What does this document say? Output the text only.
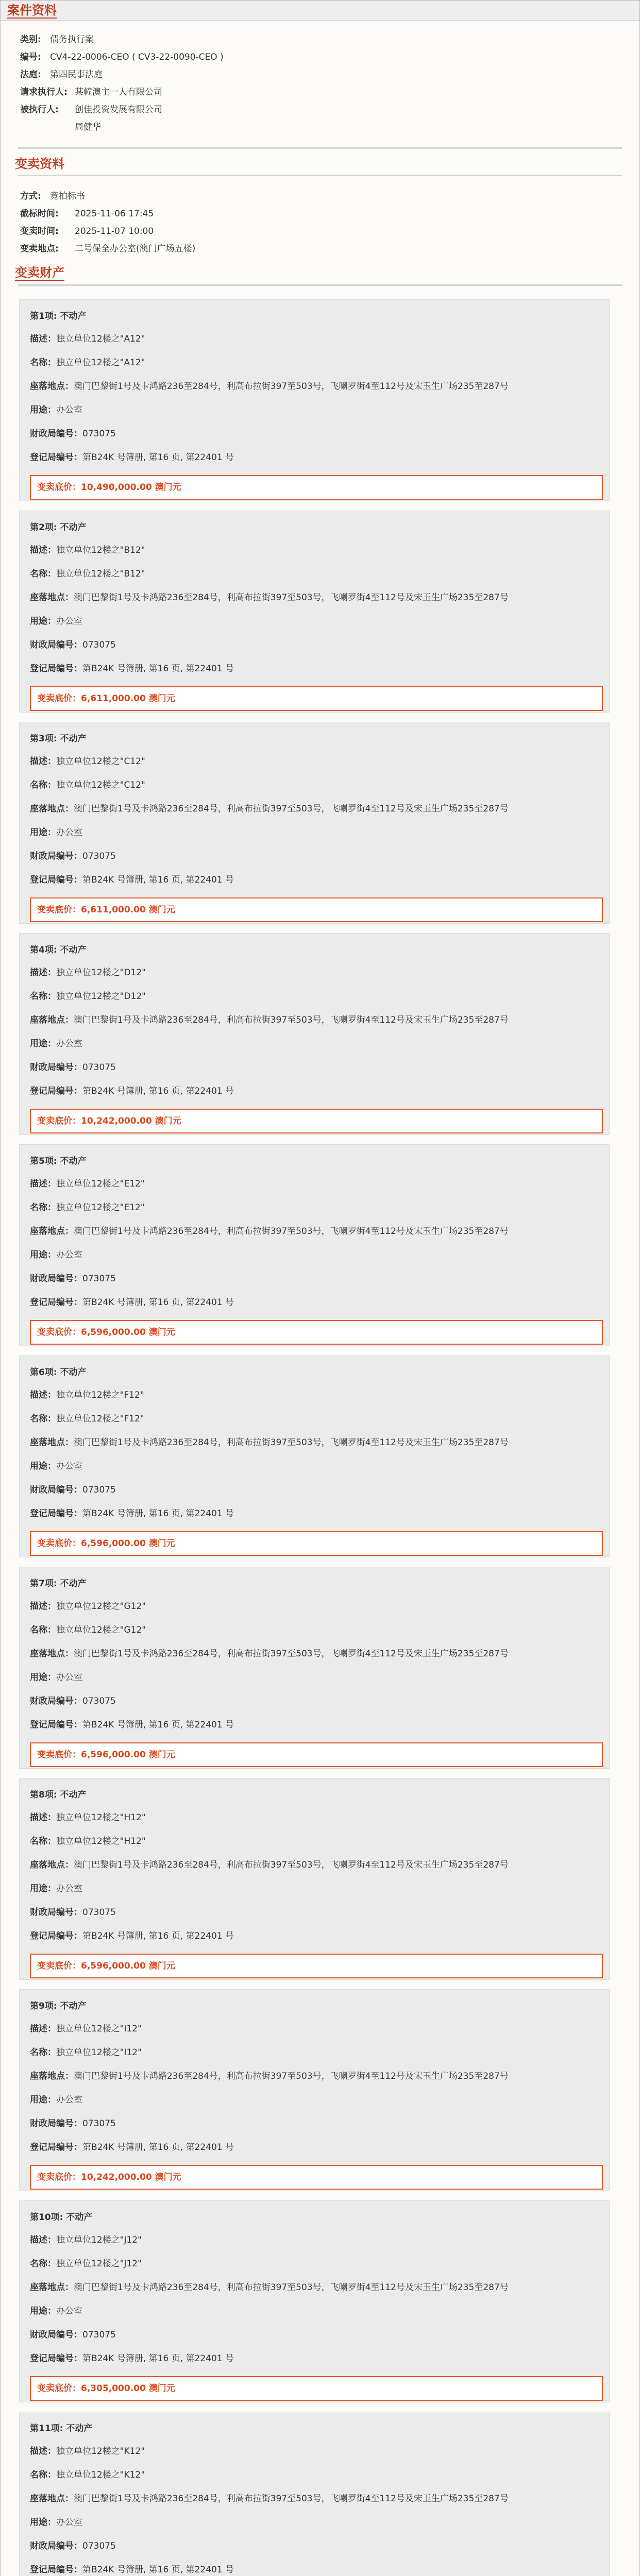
案件资料
类别:	债务执行案
编号:	CV4-22-0006-CEO ( CV3-22-0090-CEO )
法庭:	第四民事法庭
请求执行人: 某幢澳主一人有限公司
被执行人:	创佳投资发展有限公司
周健华
变卖资料
方式:	竞拍标书
截标时间:	2025-11-06 17:45
变卖时间:	2025-11-07 10:00
变卖地点:	二号保全办公室(澳门广场五楼)
变卖财产
第1项: 不动产
描述：独立单位12楼之"A12"
名称：独立单位12楼之"A12"
座落地点：澳门巴黎街1号及卡鸿路236至284号，利高布拉街397至503号，飞喇罗街4至112号及宋玉生广场235至287号
用途：办公室
财政局编号：073075
登记局编号：第B24K 号簿册, 第16 页, 第22401 号
变卖底价：10,490,000.00 澳门元
第2项: 不动产
描述：独立单位12楼之"B12"
名称：独立单位12楼之"B12"
座落地点：澳门巴黎街1号及卡鸿路236至284号，利高布拉街397至503号，飞喇罗街4至112号及宋玉生广场235至287号
用途：办公室
财政局编号：073075
登记局编号：第B24K 号簿册, 第16 页, 第22401 号
变卖底价：6,611,000.00 澳门元
第3项: 不动产
描述：独立单位12楼之"C12"
名称：独立单位12楼之"C12"
座落地点：澳门巴黎街1号及卡鸿路236至284号，利高布拉街397至503号，飞喇罗街4至112号及宋玉生广场235至287号
用途：办公室
财政局编号：073075
登记局编号：第B24K 号簿册, 第16 页, 第22401 号
变卖底价：6,611,000.00 澳门元
第4项: 不动产
描述：独立单位12楼之"D12"
名称：独立单位12楼之"D12"
座落地点：澳门巴黎街1号及卡鸿路236至284号，利高布拉街397至503号，飞喇罗街4至112号及宋玉生广场235至287号
用途：办公室
财政局编号：073075
登记局编号：第B24K 号簿册, 第16 页, 第22401 号
变卖底价：10,242,000.00 澳门元
第5项: 不动产
描述：独立单位12楼之"E12"
名称：独立单位12楼之"E12"
座落地点：澳门巴黎街1号及卡鸿路236至284号，利高布拉街397至503号，飞喇罗街4至112号及宋玉生广场235至287号
用途：办公室
财政局编号：073075
登记局编号：第B24K 号簿册, 第16 页, 第22401 号
变卖底价：6,596,000.00 澳门元
第6项: 不动产
描述：独立单位12楼之"F12"
名称：独立单位12楼之"F12"
座落地点：澳门巴黎街1号及卡鸿路236至284号，利高布拉街397至503号，飞喇罗街4至112号及宋玉生广场235至287号
用途：办公室
财政局编号：073075
登记局编号：第B24K 号簿册, 第16 页, 第22401 号
变卖底价：6,596,000.00 澳门元
第7项: 不动产
描述：独立单位12楼之"G12"
名称：独立单位12楼之"G12"
座落地点：澳门巴黎街1号及卡鸿路236至284号，利高布拉街397至503号，飞喇罗街4至112号及宋玉生广场235至287号
用途：办公室
财政局编号：073075
登记局编号：第B24K 号簿册, 第16 页, 第22401 号
变卖底价：6,596,000.00 澳门元
第8项: 不动产
描述：独立单位12楼之"H12"
名称：独立单位12楼之"H12"
座落地点：澳门巴黎街1号及卡鸿路236至284号，利高布拉街397至503号，飞喇罗街4至112号及宋玉生广场235至287号
用途：办公室
财政局编号：073075
登记局编号：第B24K 号簿册, 第16 页, 第22401 号
变卖底价：6,596,000.00 澳门元
第9项: 不动产
描述：独立单位12楼之"I12"
名称：独立单位12楼之"I12"
座落地点：澳门巴黎街1号及卡鸿路236至284号，利高布拉街397至503号，飞喇罗街4至112号及宋玉生广场235至287号
用途：办公室
财政局编号：073075
登记局编号：第B24K 号簿册, 第16 页, 第22401 号
变卖底价：10,242,000.00 澳门元
第10项: 不动产
描述：独立单位12楼之"J12"
名称：独立单位12楼之"J12"
座落地点：澳门巴黎街1号及卡鸿路236至284号，利高布拉街397至503号，飞喇罗街4至112号及宋玉生广场235至287号
用途：办公室
财政局编号：073075
登记局编号：第B24K 号簿册, 第16 页, 第22401 号
变卖底价：6,305,000.00 澳门元
第11项: 不动产
描述：独立单位12楼之"K12"
名称：独立单位12楼之"K12"
座落地点：澳门巴黎街1号及卡鸿路236至284号，利高布拉街397至503号，飞喇罗街4至112号及宋玉生广场235至287号
用途：办公室
财政局编号：073075
登记局编号：第B24K 号簿册, 第16 页, 第22401 号
